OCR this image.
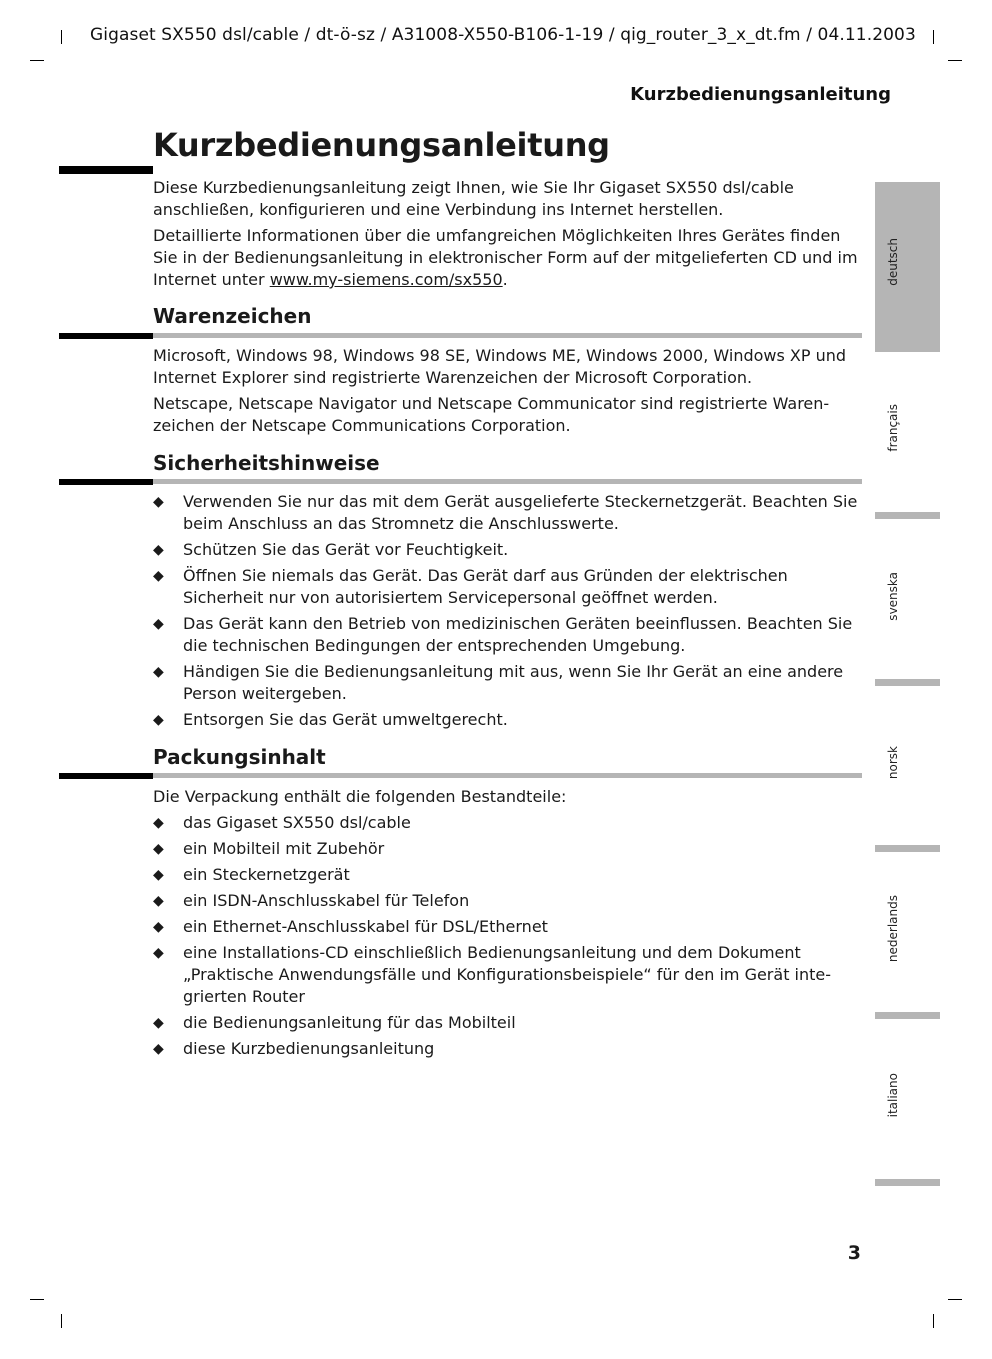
Gigaset SX550 dsl/cable / dt-ö-sz / A31008-X550-B106-1-19 / qig_router_3_x_dt.fm / 04.11.2003
Kurzbedienungsanleitung
Kurzbedienungsanleitung

Diese Kurzbedienungsanleitung zeigt Ihnen, wie Sie Ihr Gigaset SX550 dsl/cable anschließen, konfigurieren und eine Verbindung ins Internet herstellen.

Detaillierte Informationen über die umfangreichen Möglichkeiten Ihres Gerätes finden Sie in der Bedienungsanleitung in elektronischer Form auf der mitgelieferten CD und im Internet unter www.my-siemens.com/sx550.

Warenzeichen

Microsoft, Windows 98, Windows 98 SE, Windows ME, Windows 2000, Windows XP und Internet Explorer sind registrierte Warenzeichen der Microsoft Corporation.

Netscape, Netscape Navigator und Netscape Communicator sind registrierte Waren-zeichen der Netscape Communications Corporation.

Sicherheitshinweise
◆ Verwenden Sie nur das mit dem Gerät ausgelieferte Steckernetzgerät. Beachten Sie beim Anschluss an das Stromnetz die Anschlusswerte.
◆ Schützen Sie das Gerät vor Feuchtigkeit.
◆ Öffnen Sie niemals das Gerät. Das Gerät darf aus Gründen der elektrischen Sicherheit nur von autorisiertem Servicepersonal geöffnet werden.
◆ Das Gerät kann den Betrieb von medizinischen Geräten beeinflussen. Beachten Sie die technischen Bedingungen der entsprechenden Umgebung.
◆ Händigen Sie die Bedienungsanleitung mit aus, wenn Sie Ihr Gerät an eine andere Person weitergeben.
◆ Entsorgen Sie das Gerät umweltgerecht.
Packungsinhalt
Die Verpackung enthält die folgenden Bestandteile:
◆ das Gigaset SX550 dsl/cable
◆ ein Mobilteil mit Zubehör
◆ ein Steckernetzgerät
◆ ein ISDN-Anschlusskabel für Telefon
◆ ein Ethernet-Anschlusskabel für DSL/Ethernet
◆ eine Installations-CD einschließlich Bedienungsanleitung und dem Dokument „Praktische Anwendungsfälle und Konfigurationsbeispiele“ für den im Gerät inte-grierten Router
◆ die Bedienungsanleitung für das Mobilteil
◆ diese Kurzbedienungsanleitung
deutsch
français
svenska
norsk
nederlands
italiano
3
